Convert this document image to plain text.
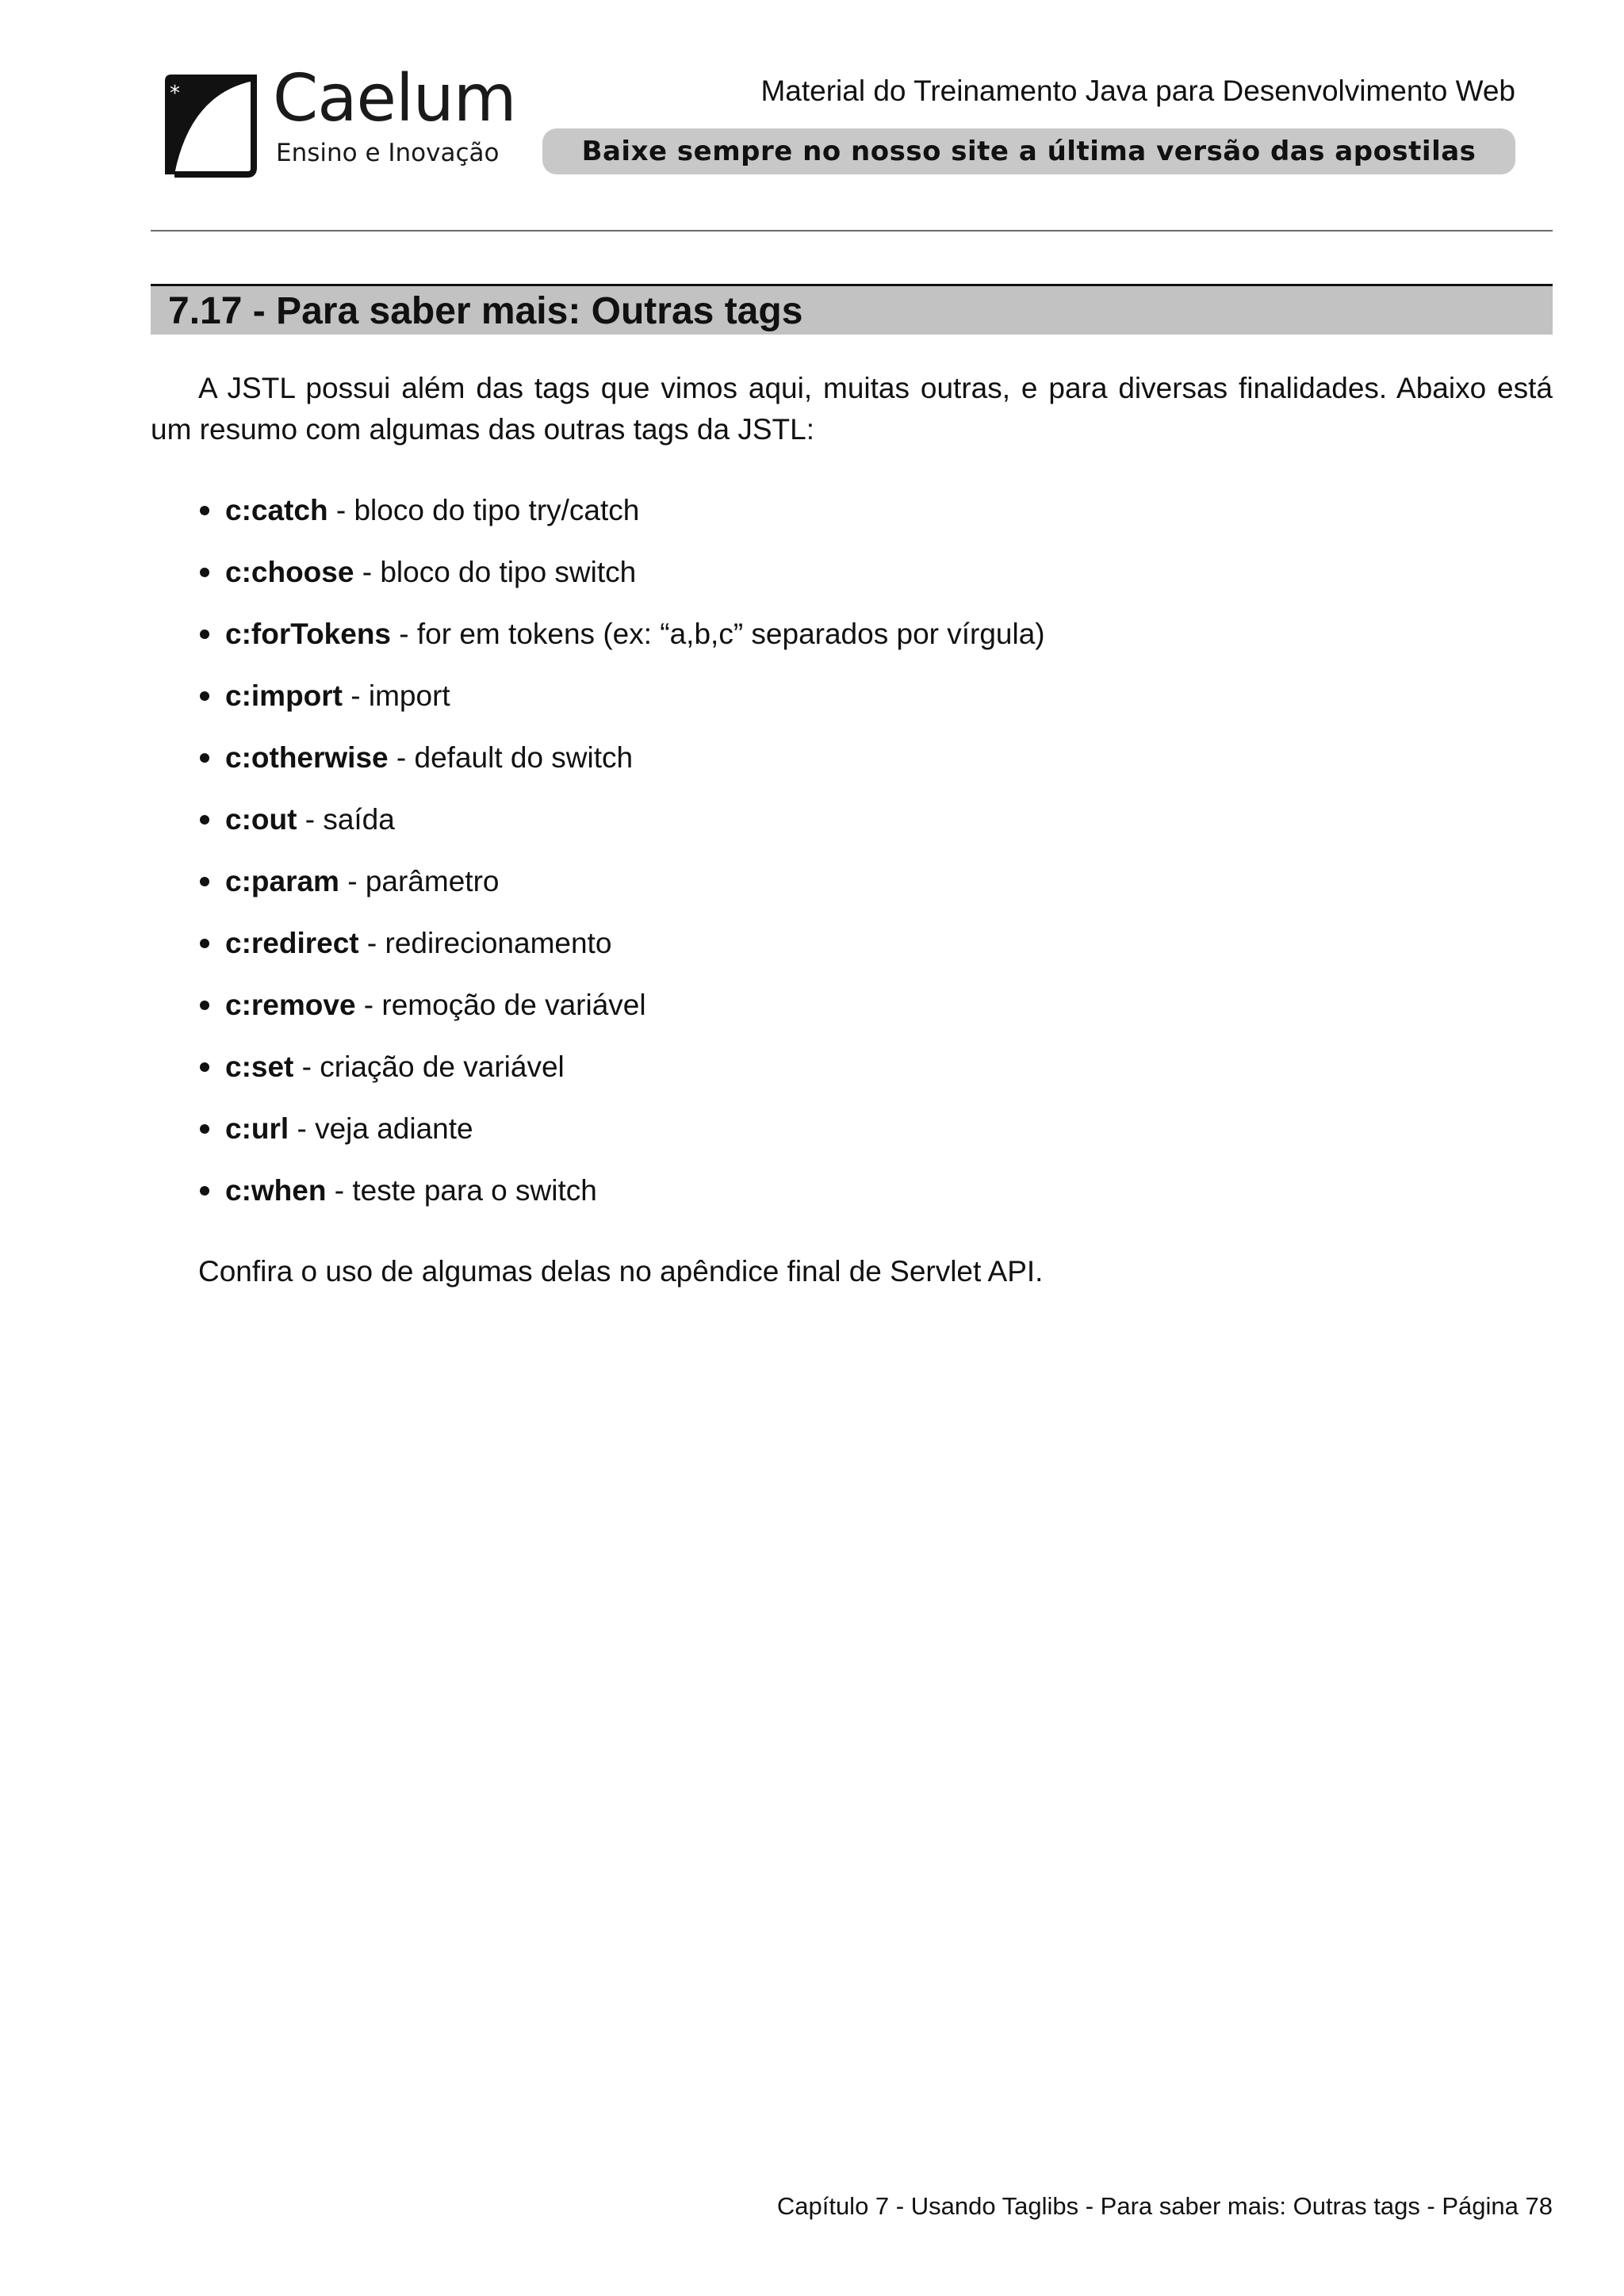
* Caelum
Ensino e Inovação
Material do Treinamento Java para Desenvolvimento Web
Baixe sempre no nosso site a última versão das apostilas
7.17 - Para saber mais: Outras tags

A JSTL possui além das tags que vimos aqui, muitas outras, e para diversas finalidades. Abaixo está um resumo com algumas das outras tags da JSTL:

c:catch - bloco do tipo try/catch
c:choose - bloco do tipo switch
c:forTokens - for em tokens (ex: “a,b,c” separados por vírgula)
c:import - import
c:otherwise - default do switch
c:out - saída
c:param - parâmetro
c:redirect - redirecionamento
c:remove - remoção de variável
c:set - criação de variável
c:url - veja adiante
c:when - teste para o switch

Confira o uso de algumas delas no apêndice final de Servlet API.

Capítulo 7 - Usando Taglibs - Para saber mais: Outras tags - Página 78
